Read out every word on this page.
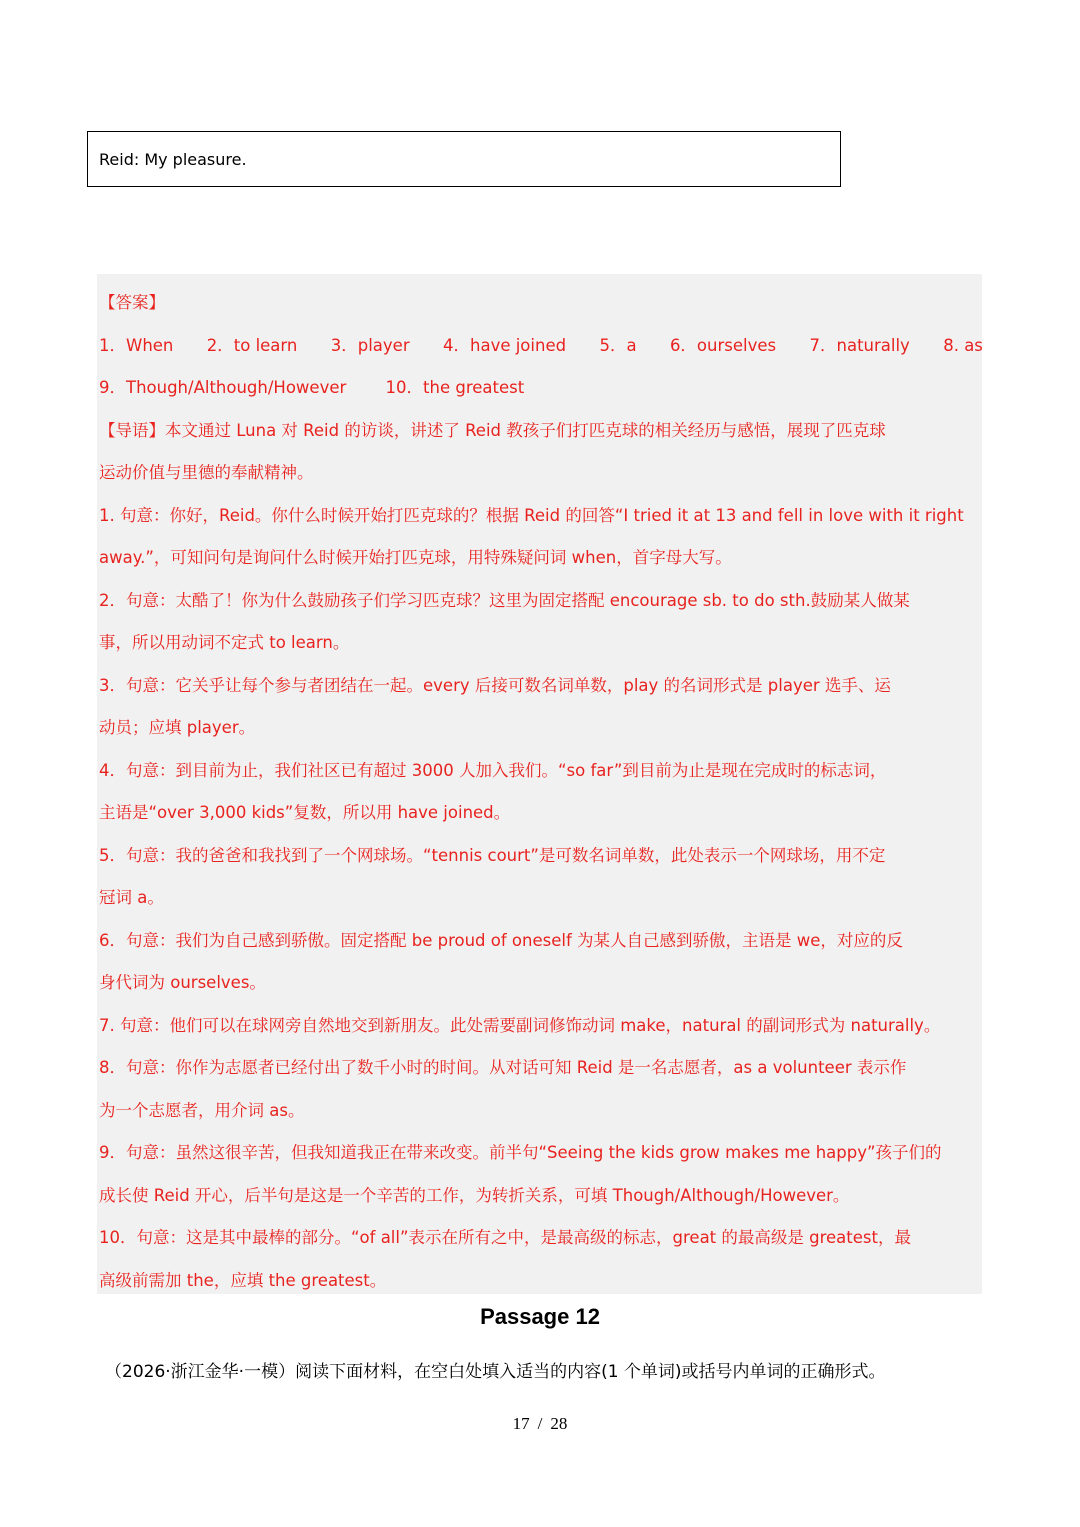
Reid: My pleasure.

【答案】

1．When 2．to learn 3．player 4．have joined 5．a 6．ourselves 7．naturally 8. as

9．Though/Although/However 10．the greatest

【导语】本文通过 Luna 对 Reid 的访谈，讲述了 Reid 教孩子们打匹克球的相关经历与感悟，展现了匹克球

运动价值与里德的奉献精神。

1. 句意：你好，Reid。你什么时候开始打匹克球的？根据 Reid 的回答“I tried it at 13 and fell in love with it right

away.”，可知问句是询问什么时候开始打匹克球，用特殊疑问词 when，首字母大写。

2．句意：太酷了！你为什么鼓励孩子们学习匹克球？这里为固定搭配 encourage sb. to do sth.鼓励某人做某

事，所以用动词不定式 to learn。

3．句意：它关乎让每个参与者团结在一起。every 后接可数名词单数，play 的名词形式是 player 选手、运

动员；应填 player。

4．句意：到目前为止，我们社区已有超过 3000 人加入我们。“so far”到目前为止是现在完成时的标志词，

主语是“over 3,000 kids”复数，所以用 have joined。

5．句意：我的爸爸和我找到了一个网球场。“tennis court”是可数名词单数，此处表示一个网球场，用不定

冠词 a。

6．句意：我们为自己感到骄傲。固定搭配 be proud of oneself 为某人自己感到骄傲，主语是 we，对应的反

身代词为 ourselves。

7. 句意：他们可以在球网旁自然地交到新朋友。此处需要副词修饰动词 make，natural 的副词形式为 naturally。

8．句意：你作为志愿者已经付出了数千小时的时间。从对话可知 Reid 是一名志愿者，as a volunteer 表示作

为一个志愿者，用介词 as。

9．句意：虽然这很辛苦，但我知道我正在带来改变。前半句“Seeing the kids grow makes me happy”孩子们的

成长使 Reid 开心，后半句是这是一个辛苦的工作，为转折关系，可填 Though/Although/However。

10．句意：这是其中最棒的部分。“of all”表示在所有之中，是最高级的标志，great 的最高级是 greatest，最

高级前需加 the，应填 the greatest。

Passage 12
（2026·浙江金华·一模）阅读下面材料，在空白处填入适当的内容(1 个单词)或括号内单词的正确形式。
17 / 28
